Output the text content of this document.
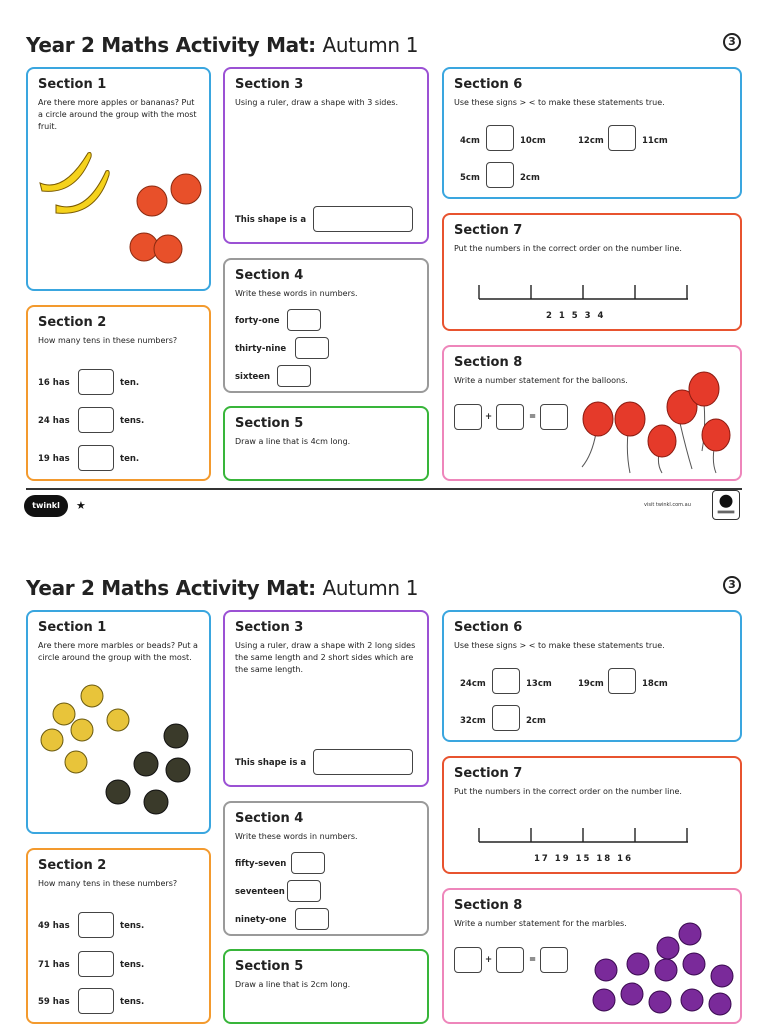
Year 2 Maths Activity Mat: Autumn 1	3
Section 1
Are there more apples or bananas? Put a circle around the group with the most fruit.
Section 2
How many tens in these numbers?
16 has	ten.
24 has	tens.
19 has	ten.
Section 3
Using a ruler, draw a shape with 3 sides.
This shape is a
Section 4
Write these words in numbers.
forty-one
thirty-nine
sixteen
Section 5
Draw a line that is 4cm long.
Section 6
Use these signs > < to make these statements true.
4cm	10cm	12cm	11cm
5cm	2cm
Section 7
Put the numbers in the correct order on the number line.
2 1 5 3 4
Section 8
Write a number statement for the balloons.
+	=
twinkl	★	visit twinkl.com.au
Year 2 Maths Activity Mat: Autumn 1	3
Section 1
Are there more marbles or beads? Put a circle around the group with the most.
Section 2
How many tens in these numbers?
49 has	tens.
71 has	tens.
59 has	tens.
Section 3
Using a ruler, draw a shape with 2 long sides the same length and 2 short sides which are the same length.
This shape is a
Section 4
Write these words in numbers.
fifty-seven
seventeen
ninety-one
Section 5
Draw a line that is 2cm long.
Section 6
Use these signs > < to make these statements true.
24cm	13cm	19cm	18cm
32cm	2cm
Section 7
Put the numbers in the correct order on the number line.
17 19 15 18 16
Section 8
Write a number statement for the marbles.
+	=
